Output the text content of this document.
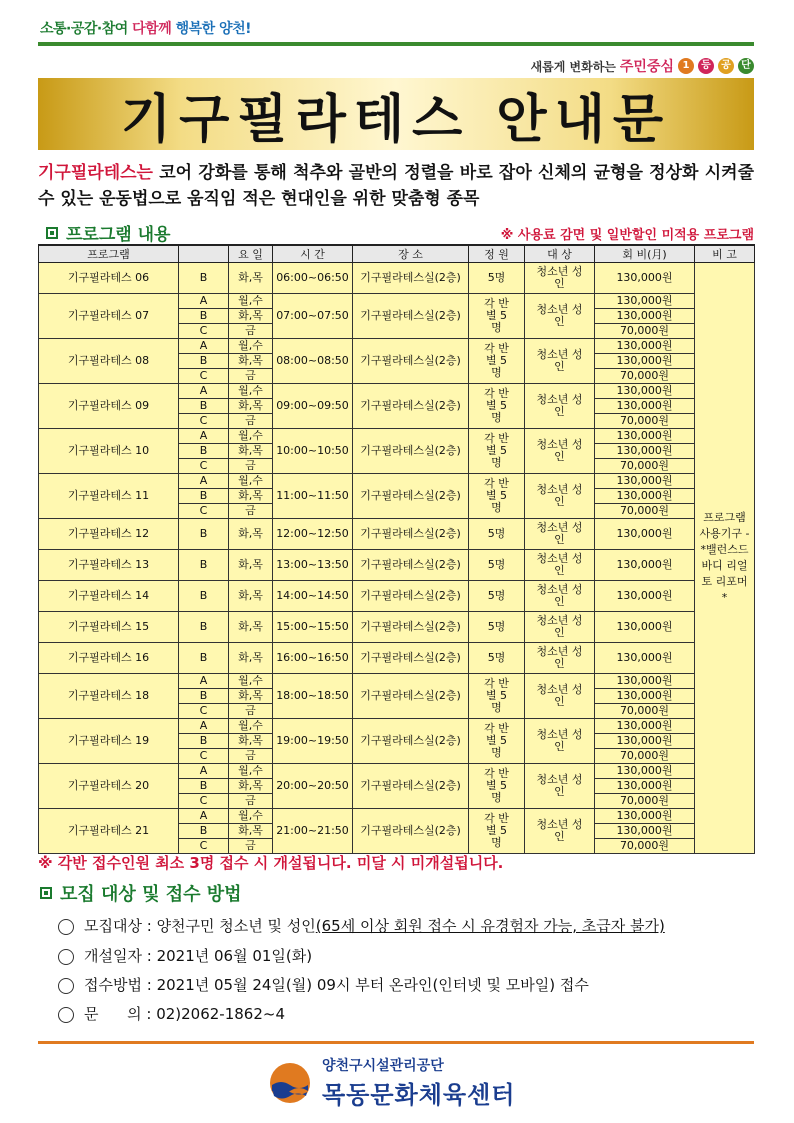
소통·공감·참여 다함께 행복한 양천!
새롭게 변화하는 주민중심 1	등	공	단
기구필라테스 안내문
기구필라테스는 코어 강화를 통해 척추와 골반의 정렬을 바로 잡아 신체의 균형을 정상화 시켜줄 수 있는 운동법으로 움직임 적은 현대인을 위한 맞춤형 종목
프로그램 내용	※ 사용료 감면 및 일반할인 미적용 프로그램
프로그램		요 일	시 간	장 소	정 원	대 상	회 비(月)	비 고
기구필라테스 06	B	화,목	06:00~06:50	기구필라테스실(2층)	5명	청소년 성인	130,000원	프로그램 사용기구 - *밸런스드 바디 리얼토 리포머*
기구필라테스 07	A	월,수	07:00~07:50	기구필라테스실(2층)	각 반별 5명	청소년 성인	130,000원	
	B	화,목					130,000원	
	C	금					70,000원	
기구필라테스 08	A	월,수	08:00~08:50	기구필라테스실(2층)	각 반별 5명	청소년 성인	130,000원	
	B	화,목					130,000원	
	C	금					70,000원	
기구필라테스 09	A	월,수	09:00~09:50	기구필라테스실(2층)	각 반별 5명	청소년 성인	130,000원	
	B	화,목					130,000원	
	C	금					70,000원	
기구필라테스 10	A	월,수	10:00~10:50	기구필라테스실(2층)	각 반별 5명	청소년 성인	130,000원	
	B	화,목					130,000원	
	C	금					70,000원	
기구필라테스 11	A	월,수	11:00~11:50	기구필라테스실(2층)	각 반별 5명	청소년 성인	130,000원	
	B	화,목					130,000원	
	C	금					70,000원	
기구필라테스 12	B	화,목	12:00~12:50	기구필라테스실(2층)	5명	청소년 성인	130,000원	
기구필라테스 13	B	화,목	13:00~13:50	기구필라테스실(2층)	5명	청소년 성인	130,000원	
기구필라테스 14	B	화,목	14:00~14:50	기구필라테스실(2층)	5명	청소년 성인	130,000원	
기구필라테스 15	B	화,목	15:00~15:50	기구필라테스실(2층)	5명	청소년 성인	130,000원	
기구필라테스 16	B	화,목	16:00~16:50	기구필라테스실(2층)	5명	청소년 성인	130,000원	
기구필라테스 18	A	월,수	18:00~18:50	기구필라테스실(2층)	각 반별 5명	청소년 성인	130,000원	
	B	화,목					130,000원	
	C	금					70,000원	
기구필라테스 19	A	월,수	19:00~19:50	기구필라테스실(2층)	각 반별 5명	청소년 성인	130,000원	
	B	화,목					130,000원	
	C	금					70,000원	
기구필라테스 20	A	월,수	20:00~20:50	기구필라테스실(2층)	각 반별 5명	청소년 성인	130,000원	
	B	화,목					130,000원	
	C	금					70,000원	
기구필라테스 21	A	월,수	21:00~21:50	기구필라테스실(2층)	각 반별 5명	청소년 성인	130,000원	
	B	화,목					130,000원	
	C	금					70,000원	
※ 각반 접수인원 최소 3명 접수 시 개설됩니다. 미달 시 미개설됩니다.
모집 대상 및 접수 방법
모집대상 : 양천구민 청소년 및 성인(65세 이상 회원 접수 시 유경험자 가능, 초급자 불가)
개설일자 : 2021년 06월 01일(화)
접수방법 : 2021년 05월 24일(월) 09시 부터 온라인(인터넷 및 모바일) 접수
문      의 : 02)2062-1862~4
양천구시설관리공단
목동문화체육센터
